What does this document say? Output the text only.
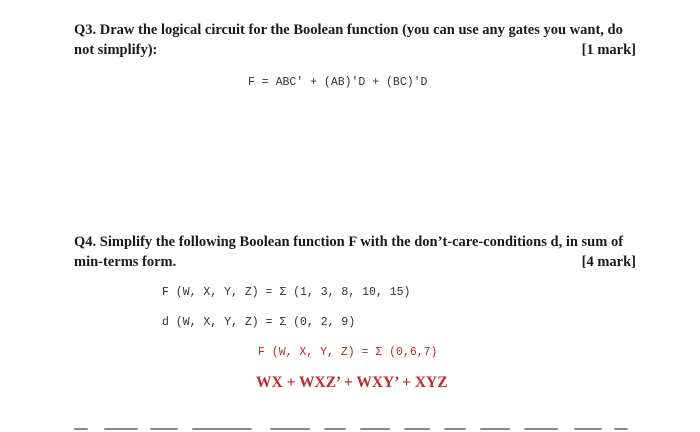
Q3. Draw the logical circuit for the Boolean function (you can use any gates you want, do
not simplify):	[1 mark]
F = ABC′ + (AB)′D + (BC)′D
Q4. Simplify the following Boolean function F with the don’t-care-conditions d, in sum of
min-terms form.	[4 mark]
F (W, X, Y, Z) = Σ (1, 3, 8, 10, 15)
d (W, X, Y, Z) = Σ (0, 2, 9)
F (W, X, Y, Z) = Σ (0,6,7)
WX + WXZ’ + WXY’ + XYZ
